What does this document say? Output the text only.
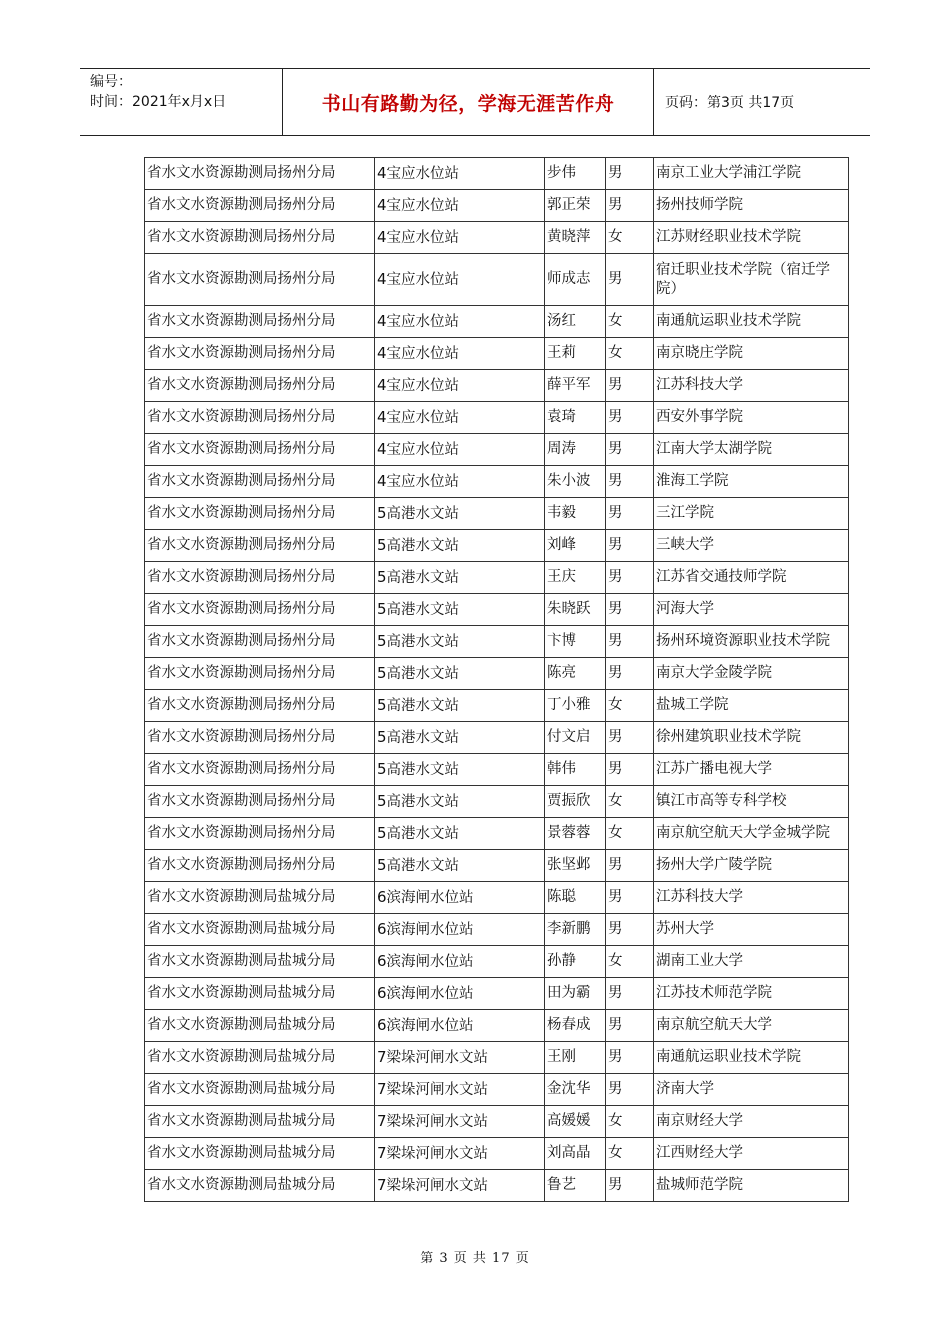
编号：
时间：2021年x月x日	书山有路勤为径，学海无涯苦作舟	页码：第3页 共17页
省水文水资源勘测局扬州分局	4宝应水位站	步伟	男	南京工业大学浦江学院
省水文水资源勘测局扬州分局	4宝应水位站	郭正荣	男	扬州技师学院
省水文水资源勘测局扬州分局	4宝应水位站	黄晓萍	女	江苏财经职业技术学院
省水文水资源勘测局扬州分局	4宝应水位站	师成志	男	宿迁职业技术学院（宿迁学院）
省水文水资源勘测局扬州分局	4宝应水位站	汤红	女	南通航运职业技术学院
省水文水资源勘测局扬州分局	4宝应水位站	王莉	女	南京晓庄学院
省水文水资源勘测局扬州分局	4宝应水位站	薛平军	男	江苏科技大学
省水文水资源勘测局扬州分局	4宝应水位站	袁琦	男	西安外事学院
省水文水资源勘测局扬州分局	4宝应水位站	周涛	男	江南大学太湖学院
省水文水资源勘测局扬州分局	4宝应水位站	朱小波	男	淮海工学院
省水文水资源勘测局扬州分局	5高港水文站	韦毅	男	三江学院
省水文水资源勘测局扬州分局	5高港水文站	刘峰	男	三峡大学
省水文水资源勘测局扬州分局	5高港水文站	王庆	男	江苏省交通技师学院
省水文水资源勘测局扬州分局	5高港水文站	朱晓跃	男	河海大学
省水文水资源勘测局扬州分局	5高港水文站	卞博	男	扬州环境资源职业技术学院
省水文水资源勘测局扬州分局	5高港水文站	陈亮	男	南京大学金陵学院
省水文水资源勘测局扬州分局	5高港水文站	丁小雅	女	盐城工学院
省水文水资源勘测局扬州分局	5高港水文站	付文启	男	徐州建筑职业技术学院
省水文水资源勘测局扬州分局	5高港水文站	韩伟	男	江苏广播电视大学
省水文水资源勘测局扬州分局	5高港水文站	贾振欣	女	镇江市高等专科学校
省水文水资源勘测局扬州分局	5高港水文站	景蓉蓉	女	南京航空航天大学金城学院
省水文水资源勘测局扬州分局	5高港水文站	张坚邺	男	扬州大学广陵学院
省水文水资源勘测局盐城分局	6滨海闸水位站	陈聪	男	江苏科技大学
省水文水资源勘测局盐城分局	6滨海闸水位站	李新鹏	男	苏州大学
省水文水资源勘测局盐城分局	6滨海闸水位站	孙静	女	湖南工业大学
省水文水资源勘测局盐城分局	6滨海闸水位站	田为霸	男	江苏技术师范学院
省水文水资源勘测局盐城分局	6滨海闸水位站	杨春成	男	南京航空航天大学
省水文水资源勘测局盐城分局	7梁垛河闸水文站	王刚	男	南通航运职业技术学院
省水文水资源勘测局盐城分局	7梁垛河闸水文站	金沈华	男	济南大学
省水文水资源勘测局盐城分局	7梁垛河闸水文站	高媛媛	女	南京财经大学
省水文水资源勘测局盐城分局	7梁垛河闸水文站	刘高晶	女	江西财经大学
省水文水资源勘测局盐城分局	7梁垛河闸水文站	鲁艺	男	盐城师范学院
第 3 页 共 17 页
